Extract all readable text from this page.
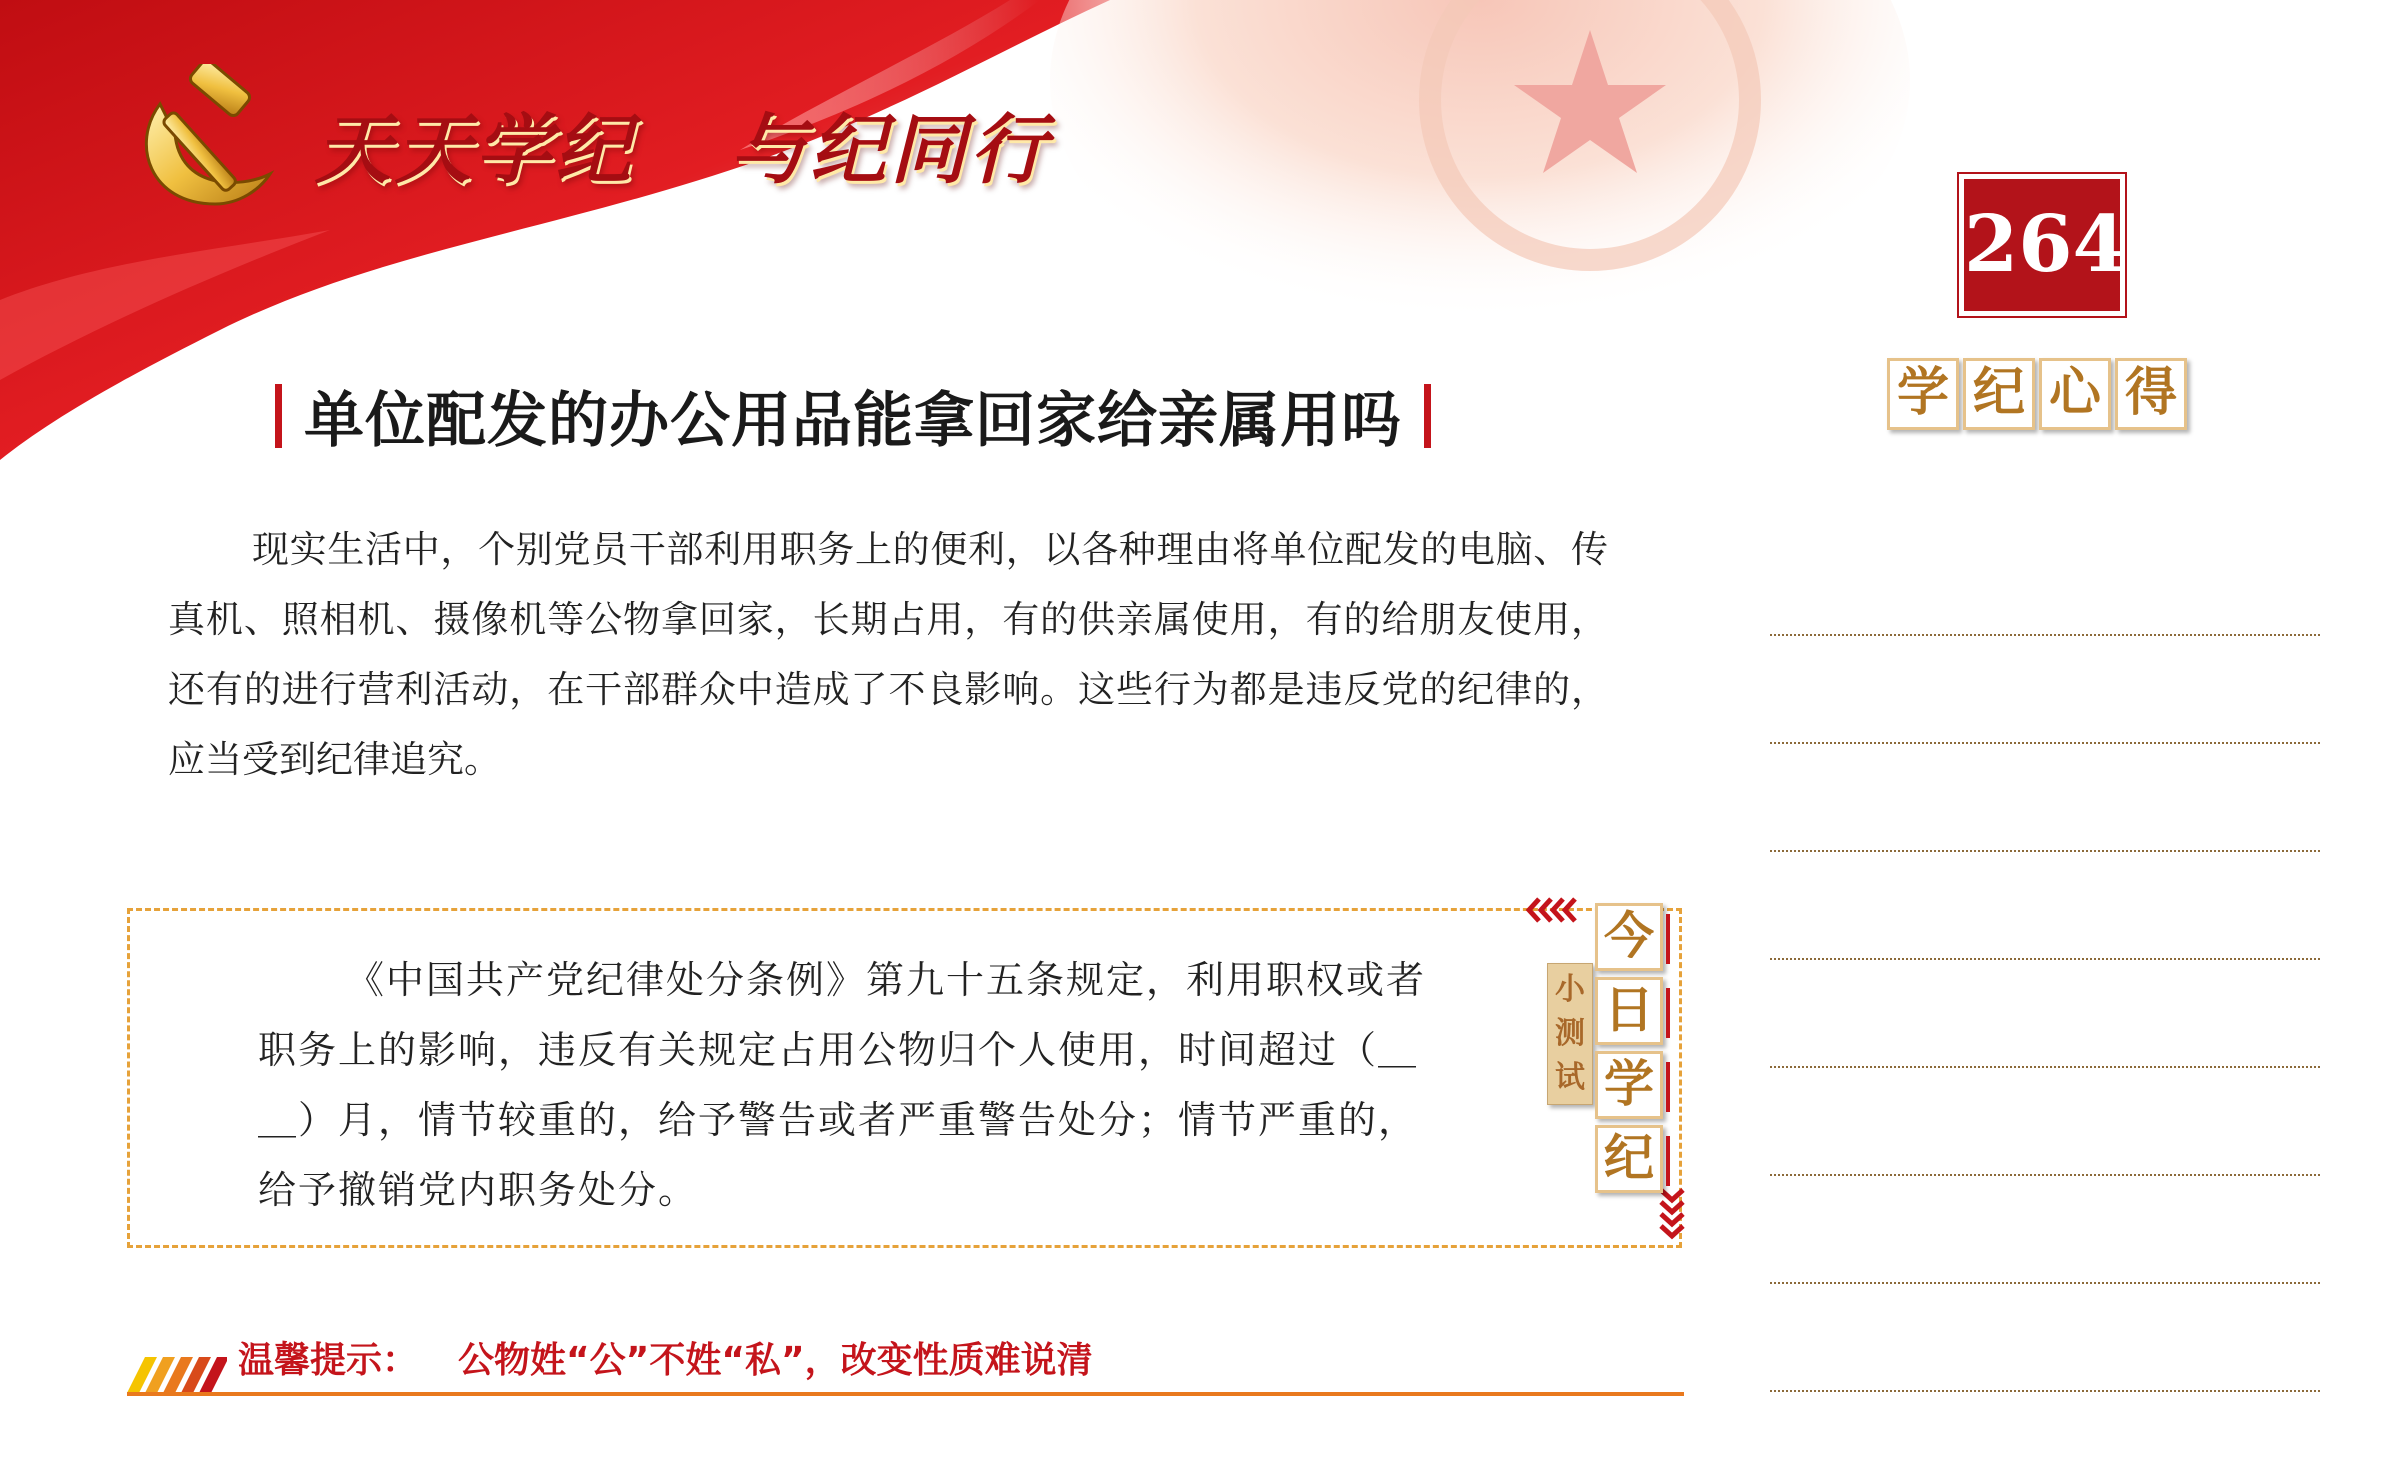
天天学纪 与纪同行
264
学 纪 心 得
单位配发的办公用品能拿回家给亲属用吗

现实生活中，个别党员干部利用职务上的便利，以各种理由将单位配发的电脑、传真机、照相机、摄像机等公物拿回家，长期占用，有的供亲属使用，有的给朋友使用，还有的进行营利活动，在干部群众中造成了不良影响。这些行为都是违反党的纪律的，应当受到纪律追究。

《中国共产党纪律处分条例》第九十五条规定，利用职权或者职务上的影响，违反有关规定占用公物归个人使用，时间超过（＿ ＿）月，情节较重的，给予警告或者严重警告处分；情节严重的，给予撤销党内职务处分。

小
测
试
今
日
学
纪
温馨提示： 公物姓“公”不姓“私”，改变性质难说清
